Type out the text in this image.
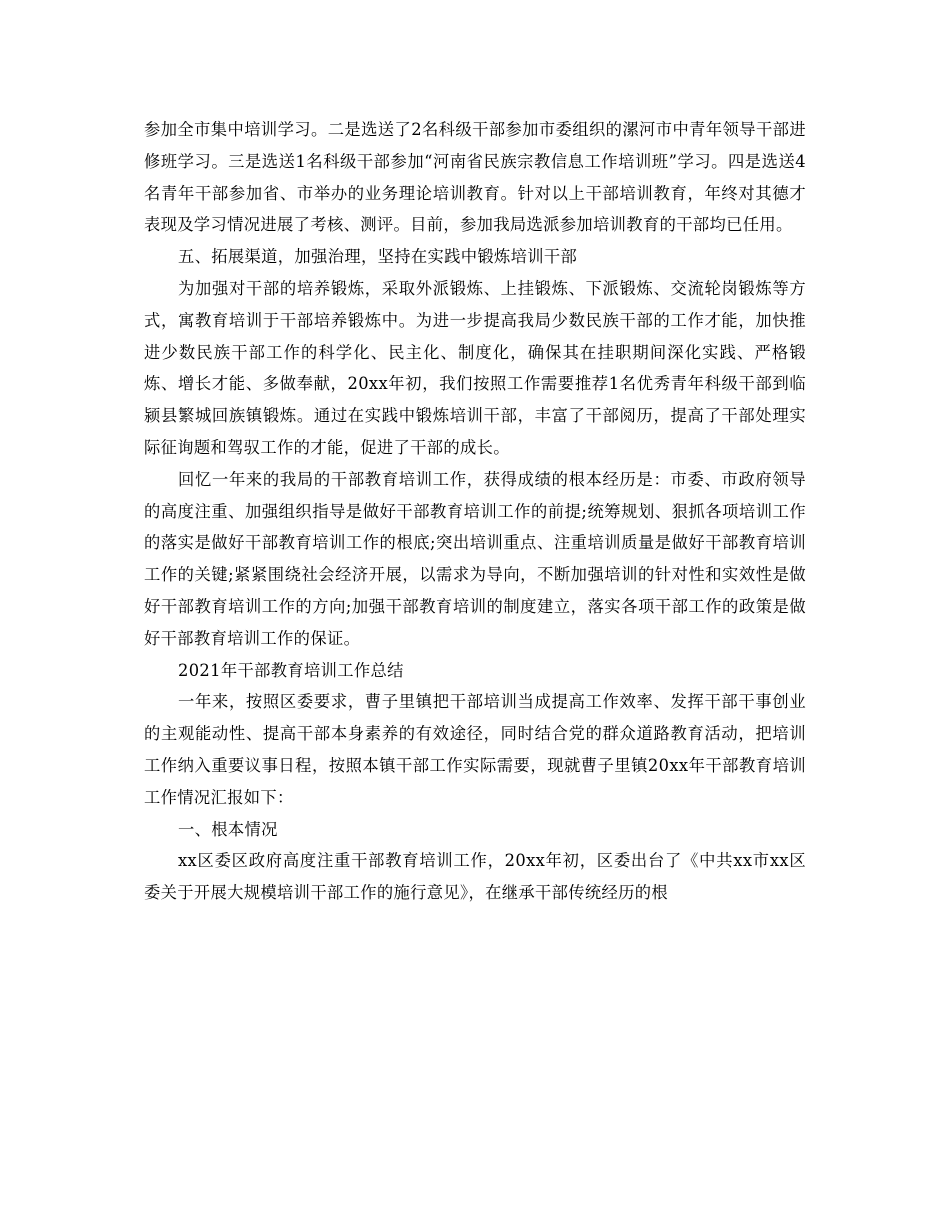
参加全市集中培训学习。二是选送了2名科级干部参加市委组织的漯河市中青年领导干部进修班学习。三是选送1名科级干部参加“河南省民族宗教信息工作培训班”学习。四是选送4名青年干部参加省、市举办的业务理论培训教育。针对以上干部培训教育，年终对其德才表现及学习情况进展了考核、测评。目前，参加我局选派参加培训教育的干部均已任用。

五、拓展渠道，加强治理，坚持在实践中锻炼培训干部

为加强对干部的培养锻炼，采取外派锻炼、上挂锻炼、下派锻炼、交流轮岗锻炼等方式，寓教育培训于干部培养锻炼中。为进一步提高我局少数民族干部的工作才能，加快推进少数民族干部工作的科学化、民主化、制度化，确保其在挂职期间深化实践、严格锻炼、增长才能、多做奉献，20xx年初，我们按照工作需要推荐1名优秀青年科级干部到临颍县繁城回族镇锻炼。通过在实践中锻炼培训干部，丰富了干部阅历，提高了干部处理实际征询题和驾驭工作的才能，促进了干部的成长。

回忆一年来的我局的干部教育培训工作，获得成绩的根本经历是：市委、市政府领导的高度注重、加强组织指导是做好干部教育培训工作的前提;统筹规划、狠抓各项培训工作的落实是做好干部教育培训工作的根底;突出培训重点、注重培训质量是做好干部教育培训工作的关键;紧紧围绕社会经济开展，以需求为导向，不断加强培训的针对性和实效性是做好干部教育培训工作的方向;加强干部教育培训的制度建立，落实各项干部工作的政策是做好干部教育培训工作的保证。

2021年干部教育培训工作总结

一年来，按照区委要求，曹子里镇把干部培训当成提高工作效率、发挥干部干事创业的主观能动性、提高干部本身素养的有效途径，同时结合党的群众道路教育活动，把培训工作纳入重要议事日程，按照本镇干部工作实际需要，现就曹子里镇20xx年干部教育培训工作情况汇报如下：

一、根本情况

xx区委区政府高度注重干部教育培训工作，20xx年初，区委出台了《中共xx市xx区委关于开展大规模培训干部工作的施行意见》，在继承干部传统经历的根
